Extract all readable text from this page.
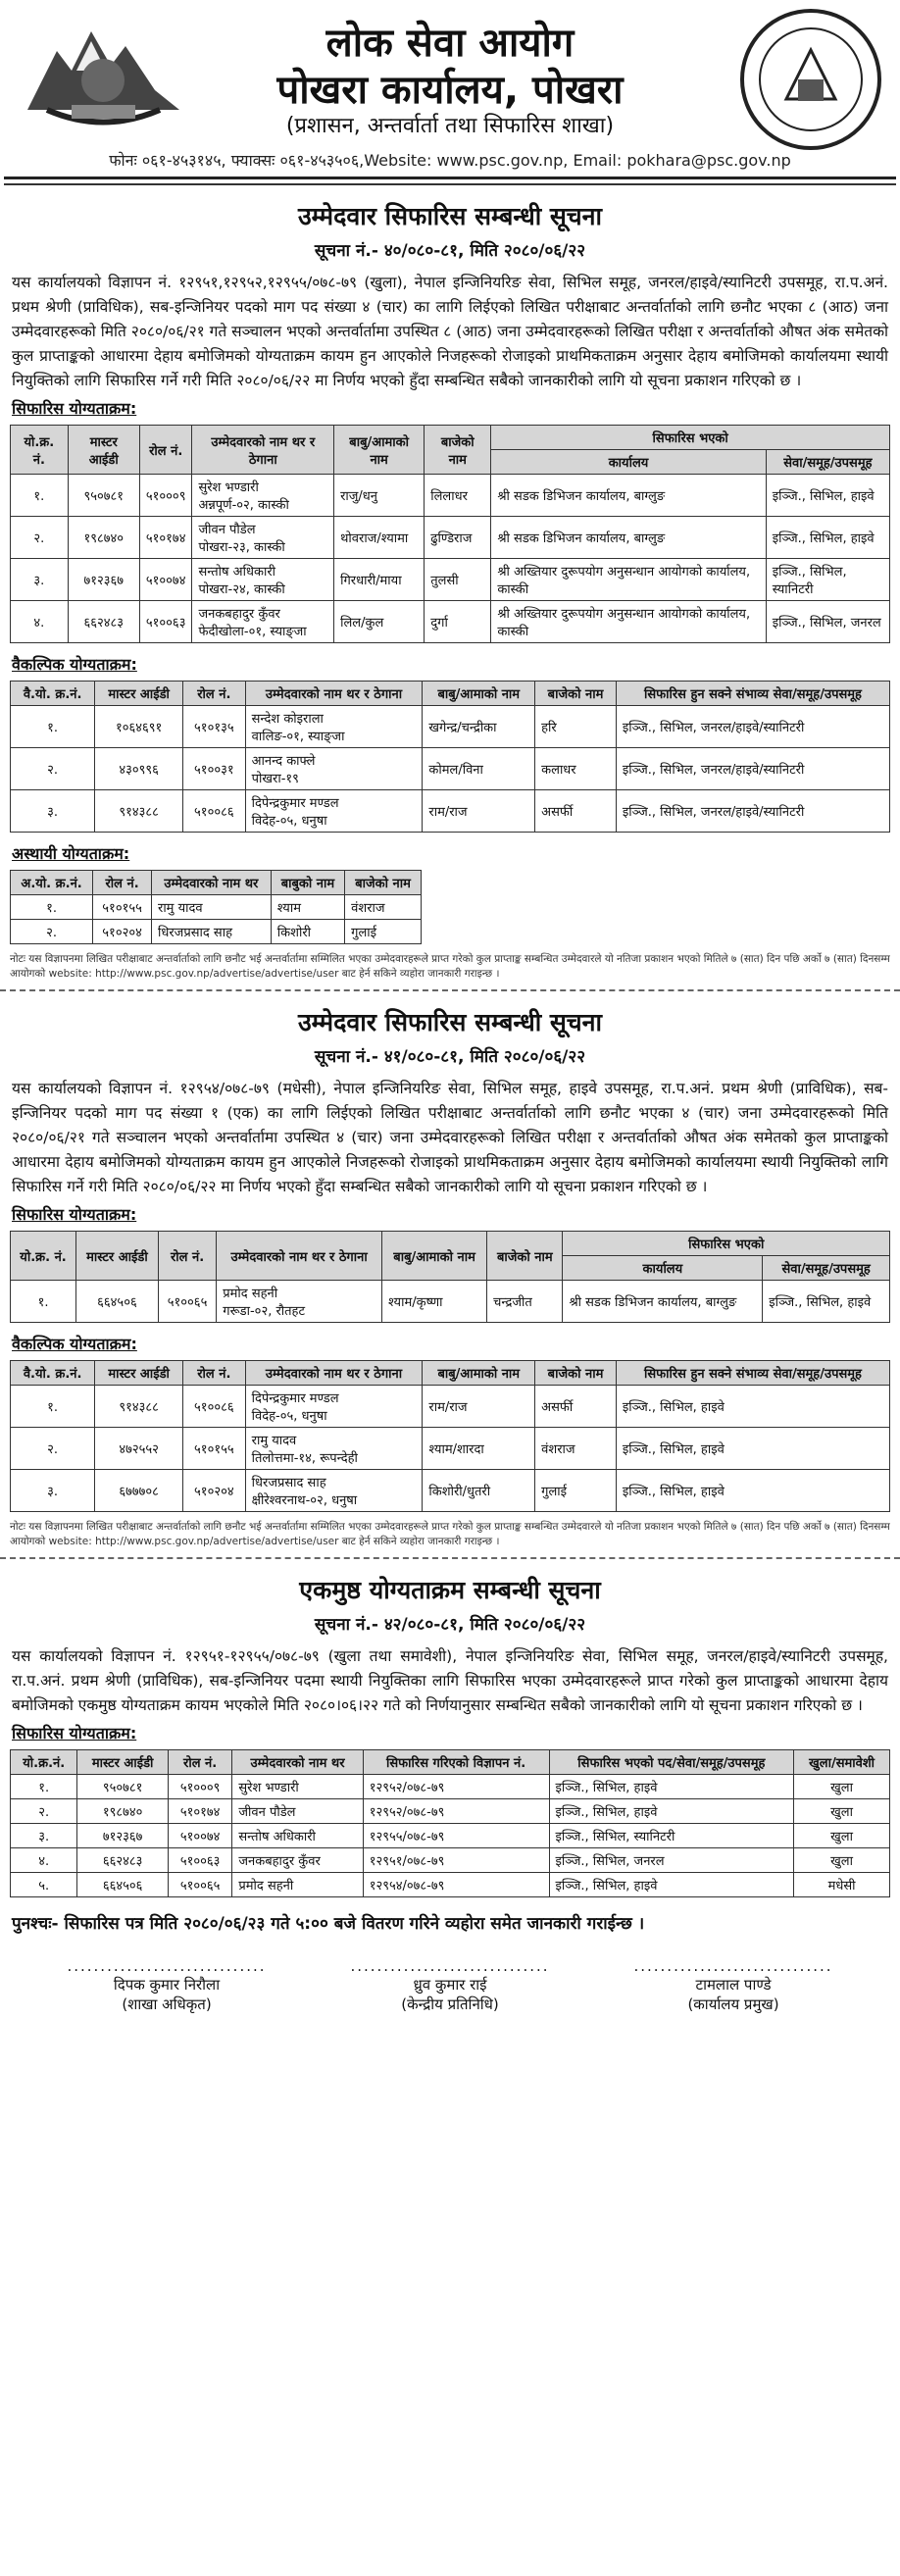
लोक सेवा आयोग
पोखरा कार्यालय, पोखरा
(प्रशासन, अन्तर्वार्ता तथा सिफारिस शाखा)
फोनः ०६१-४५३१४५, फ्याक्सः ०६१-४५३५०६,Website: www.psc.gov.np, Email: pokhara@psc.gov.np
उम्मेदवार सिफारिस सम्बन्धी सूचना
सूचना नं.- ४०/०८०-८१, मिति २०८०/०६/२२

यस कार्यालयको विज्ञापन नं. १२९५१,१२९५२,१२९५५/०७८-७९ (खुला), नेपाल इन्जिनियरिङ सेवा, सिभिल समूह, जनरल/हाइवे/स्यानिटरी उपसमूह, रा.प.अनं. प्रथम श्रेणी (प्राविधिक), सब-इन्जिनियर पदको माग पद संख्या ४ (चार) का लागि लिईएको लिखित परीक्षाबाट अन्तर्वार्ताको लागि छनौट भएका ८ (आठ) जना उम्मेदवारहरूको मिति २०८०/०६/२१ गते सञ्चालन भएको अन्तर्वार्तामा उपस्थित ८ (आठ) जना उम्मेदवारहरूको लिखित परीक्षा र अन्तर्वार्ताको औषत अंक समेतको कुल प्राप्ताङ्कको आधारमा देहाय बमोजिमको योग्यताक्रम कायम हुन आएकोले निजहरूको रोजाइको प्राथमिकताक्रम अनुसार देहाय बमोजिमको कार्यालयमा स्थायी नियुक्तिको लागि सिफारिस गर्ने गरी मिति २०८०/०६/२२ मा निर्णय भएको हुँदा सम्बन्धित सबैको जानकारीको लागि यो सूचना प्रकाशन गरिएको छ ।

सिफारिस योग्यताक्रम:
यो.क्र. नं.	मास्टर आईडी	रोल नं.	उम्मेदवारको नाम थर र ठेगाना	बाबु/आमाको नाम	बाजेको नाम	सिफारिस भएको	
						कार्यालय	सेवा/समूह/उपसमूह
१.	९५०७८१	५१०००९	सुरेश भण्डारी
अन्नपूर्ण-०२, कास्की	राजु/धनु	लिलाधर	श्री सडक डिभिजन कार्यालय, बाग्लुङ	इञ्जि., सिभिल, हाइवे
२.	१९८७४०	५१०१७४	जीवन पौडेल
पोखरा-२३, कास्की	थोवराज/श्यामा	ढुण्डिराज	श्री सडक डिभिजन कार्यालय, बाग्लुङ	इञ्जि., सिभिल, हाइवे
३.	७१२३६७	५१००७४	सन्तोष अधिकारी
पोखरा-२४, कास्की	गिरधारी/माया	तुलसी	श्री अख्तियार दुरूपयोग अनुसन्धान आयोगको कार्यालय, कास्की	इञ्जि., सिभिल, स्यानिटरी
४.	६६२४८३	५१००६३	जनकबहादुर कुँवर
फेदीखोला-०१, स्याङ्जा	लिल/कुल	दुर्गा	श्री अख्तियार दुरूपयोग अनुसन्धान आयोगको कार्यालय, कास्की	इञ्जि., सिभिल, जनरल
वैकल्पिक योग्यताक्रम:
वै.यो. क्र.नं.	मास्टर आईडी	रोल नं.	उम्मेदवारको नाम थर र ठेगाना	बाबु/आमाको नाम	बाजेको नाम	सिफारिस हुन सक्ने संभाव्य सेवा/समूह/उपसमूह
१.	१०६४६९१	५१०१३५	सन्देश कोइराला
वालिङ-०१, स्याङ्जा	खगेन्द्र/चन्द्रीका	हरि	इञ्जि., सिभिल, जनरल/हाइवे/स्यानिटरी
२.	४३०९९६	५१००३१	आनन्द काफ्ले
पोखरा-१९	कोमल/विना	कलाधर	इञ्जि., सिभिल, जनरल/हाइवे/स्यानिटरी
३.	९१४३८८	५१००८६	दिपेन्द्रकुमार मण्डल
विदेह-०५, धनुषा	राम/राज	असर्फी	इञ्जि., सिभिल, जनरल/हाइवे/स्यानिटरी
अस्थायी योग्यताक्रम:
अ.यो. क्र.नं.	रोल नं.	उम्मेदवारको नाम थर	बाबुको नाम	बाजेको नाम
१.	५१०१५५	रामु यादव	श्याम	वंशराज
२.	५१०२०४	धिरजप्रसाद साह	किशोरी	गुलाई
नोटः यस विज्ञापनमा लिखित परीक्षाबाट अन्तर्वार्ताको लागि छनौट भई अन्तर्वार्तामा सम्मिलित भएका उम्मेदवारहरूले प्राप्त गरेको कुल प्राप्ताङ्क सम्बन्धित उम्मेदवारले यो नतिजा प्रकाशन भएको मितिले ७ (सात) दिन पछि अर्को ७ (सात) दिनसम्म आयोगको website: http://www.psc.gov.np/advertise/advertise/user बाट हेर्न सकिने व्यहोरा जानकारी गराइन्छ ।
उम्मेदवार सिफारिस सम्बन्धी सूचना
सूचना नं.- ४१/०८०-८१, मिति २०८०/०६/२२

यस कार्यालयको विज्ञापन नं. १२९५४/०७८-७९ (मधेसी), नेपाल इन्जिनियरिङ सेवा, सिभिल समूह, हाइवे उपसमूह, रा.प.अनं. प्रथम श्रेणी (प्राविधिक), सब-इन्जिनियर पदको माग पद संख्या १ (एक) का लागि लिईएको लिखित परीक्षाबाट अन्तर्वार्ताको लागि छनौट भएका ४ (चार) जना उम्मेदवारहरूको मिति २०८०/०६/२१ गते सञ्चालन भएको अन्तर्वार्तामा उपस्थित ४ (चार) जना उम्मेदवारहरूको लिखित परीक्षा र अन्तर्वार्ताको औषत अंक समेतको कुल प्राप्ताङ्कको आधारमा देहाय बमोजिमको योग्यताक्रम कायम हुन आएकोले निजहरूको रोजाइको प्राथमिकताक्रम अनुसार देहाय बमोजिमको कार्यालयमा स्थायी नियुक्तिको लागि सिफारिस गर्ने गरी मिति २०८०/०६/२२ मा निर्णय भएको हुँदा सम्बन्धित सबैको जानकारीको लागि यो सूचना प्रकाशन गरिएको छ ।

सिफारिस योग्यताक्रम:
यो.क्र. नं.	मास्टर आईडी	रोल नं.	उम्मेदवारको नाम थर र ठेगाना	बाबु/आमाको नाम	बाजेको नाम	सिफारिस भएको	
						कार्यालय	सेवा/समूह/उपसमूह
१.	६६४५०६	५१००६५	प्रमोद सहनी
गरूडा-०२, रौतहट	श्याम/कृष्णा	चन्द्रजीत	श्री सडक डिभिजन कार्यालय, बाग्लुङ	इञ्जि., सिभिल, हाइवे
वैकल्पिक योग्यताक्रम:
वै.यो. क्र.नं.	मास्टर आईडी	रोल नं.	उम्मेदवारको नाम थर र ठेगाना	बाबु/आमाको नाम	बाजेको नाम	सिफारिस हुन सक्ने संभाव्य सेवा/समूह/उपसमूह
१.	९१४३८८	५१००८६	दिपेन्द्रकुमार मण्डल
विदेह-०५, धनुषा	राम/राज	असर्फी	इञ्जि., सिभिल, हाइवे
२.	४७२५५२	५१०१५५	रामु यादव
तिलोत्तमा-१४, रूपन्देही	श्याम/शारदा	वंशराज	इञ्जि., सिभिल, हाइवे
३.	६७७७०८	५१०२०४	धिरजप्रसाद साह
क्षीरेश्वरनाथ-०२, धनुषा	किशोरी/धुतरी	गुलाई	इञ्जि., सिभिल, हाइवे
नोटः यस विज्ञापनमा लिखित परीक्षाबाट अन्तर्वार्ताको लागि छनौट भई अन्तर्वार्तामा सम्मिलित भएका उम्मेदवारहरूले प्राप्त गरेको कुल प्राप्ताङ्क सम्बन्धित उम्मेदवारले यो नतिजा प्रकाशन भएको मितिले ७ (सात) दिन पछि अर्को ७ (सात) दिनसम्म आयोगको website: http://www.psc.gov.np/advertise/advertise/user बाट हेर्न सकिने व्यहोरा जानकारी गराइन्छ ।
एकमुष्ठ योग्यताक्रम सम्बन्धी सूचना
सूचना नं.- ४२/०८०-८१, मिति २०८०/०६/२२

यस कार्यालयको विज्ञापन नं. १२९५१-१२९५५/०७८-७९ (खुला तथा समावेशी), नेपाल इन्जिनियरिङ सेवा, सिभिल समूह, जनरल/हाइवे/स्यानिटरी उपसमूह, रा.प.अनं. प्रथम श्रेणी (प्राविधिक), सब-इन्जिनियर पदमा स्थायी नियुक्तिका लागि सिफारिस भएका उम्मेदवारहरूले प्राप्त गरेको कुल प्राप्ताङ्कको आधारमा देहाय बमोजिमको एकमुष्ठ योग्यताक्रम कायम भएकोले मिति २०८०।०६।२२ गते को निर्णयानुसार सम्बन्धित सबैको जानकारीको लागि यो सूचना प्रकाशन गरिएको छ ।

सिफारिस योग्यताक्रम:
यो.क्र.नं.	मास्टर आईडी	रोल नं.	उम्मेदवारको नाम थर	सिफारिस गरिएको विज्ञापन नं.	सिफारिस भएको पद/सेवा/समूह/उपसमूह	खुला/समावेशी
१.	९५०७८१	५१०००९	सुरेश भण्डारी	१२९५२/०७८-७९	इञ्जि., सिभिल, हाइवे	खुला
२.	१९८७४०	५१०१७४	जीवन पौडेल	१२९५२/०७८-७९	इञ्जि., सिभिल, हाइवे	खुला
३.	७१२३६७	५१००७४	सन्तोष अधिकारी	१२९५५/०७८-७९	इञ्जि., सिभिल, स्यानिटरी	खुला
४.	६६२४८३	५१००६३	जनकबहादुर कुँवर	१२९५१/०७८-७९	इञ्जि., सिभिल, जनरल	खुला
५.	६६४५०६	५१००६५	प्रमोद सहनी	१२९५४/०७८-७९	इञ्जि., सिभिल, हाइवे	मधेसी
पुनश्चः- सिफारिस पत्र मिति २०८०/०६/२३ गते ५:०० बजे वितरण गरिने व्यहोरा समेत जानकारी गराईन्छ ।
..............................
दिपक कुमार निरौला
(शाखा अधिकृत)
..............................
ध्रुव कुमार राई
(केन्द्रीय प्रतिनिधि)
..............................
टामलाल पाण्डे
(कार्यालय प्रमुख)
